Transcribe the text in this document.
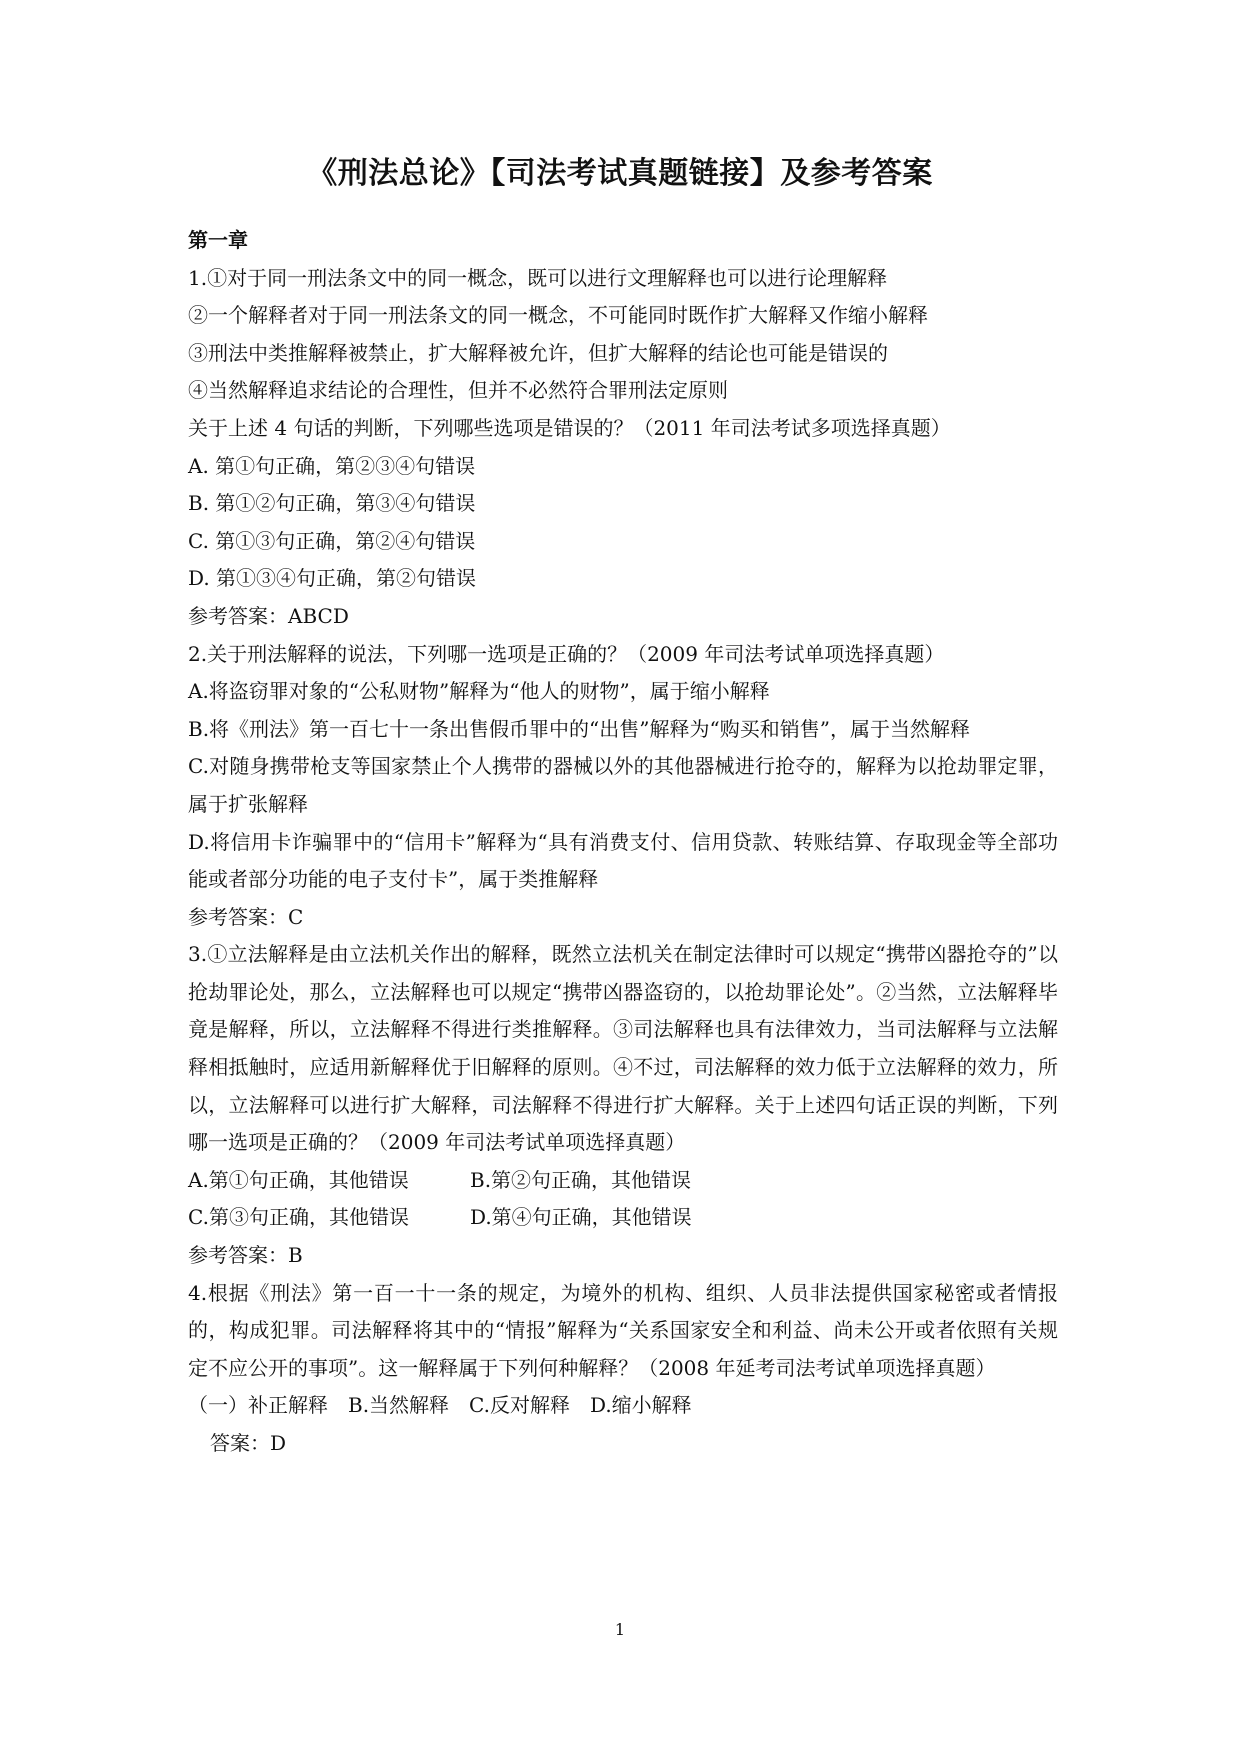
《刑法总论》【司法考试真题链接】及参考答案

第一章

1.①对于同一刑法条文中的同一概念，既可以进行文理解释也可以进行论理解释

②一个解释者对于同一刑法条文的同一概念，不可能同时既作扩大解释又作缩小解释

③刑法中类推解释被禁止，扩大解释被允许，但扩大解释的结论也可能是错误的

④当然解释追求结论的合理性，但并不必然符合罪刑法定原则

关于上述 4 句话的判断，下列哪些选项是错误的？（2011 年司法考试多项选择真题）

A. 第①句正确，第②③④句错误

B. 第①②句正确，第③④句错误

C. 第①③句正确，第②④句错误

D. 第①③④句正确，第②句错误

参考答案：ABCD

2.关于刑法解释的说法，下列哪一选项是正确的？（2009 年司法考试单项选择真题）

A.将盗窃罪对象的“公私财物”解释为“他人的财物”，属于缩小解释

B.将《刑法》第一百七十一条出售假币罪中的“出售”解释为“购买和销售”，属于当然解释

C.对随身携带枪支等国家禁止个人携带的器械以外的其他器械进行抢夺的，解释为以抢劫罪定罪，属于扩张解释

D.将信用卡诈骗罪中的“信用卡”解释为“具有消费支付、信用贷款、转账结算、存取现金等全部功能或者部分功能的电子支付卡”，属于类推解释

参考答案：C

3.①立法解释是由立法机关作出的解释，既然立法机关在制定法律时可以规定“携带凶器抢夺的”以抢劫罪论处，那么，立法解释也可以规定“携带凶器盗窃的，以抢劫罪论处”。②当然，立法解释毕竟是解释，所以，立法解释不得进行类推解释。③司法解释也具有法律效力，当司法解释与立法解释相抵触时，应适用新解释优于旧解释的原则。④不过，司法解释的效力低于立法解释的效力，所以，立法解释可以进行扩大解释，司法解释不得进行扩大解释。关于上述四句话正误的判断，下列哪一选项是正确的？（2009 年司法考试单项选择真题）

A.第①句正确，其他错误	B.第②句正确，其他错误

C.第③句正确，其他错误	D.第④句正确，其他错误

参考答案：B

4.根据《刑法》第一百一十一条的规定，为境外的机构、组织、人员非法提供国家秘密或者情报的，构成犯罪。司法解释将其中的“情报”解释为“关系国家安全和利益、尚未公开或者依照有关规定不应公开的事项”。这一解释属于下列何种解释？（2008 年延考司法考试单项选择真题）

（一）补正解释　B.当然解释　C.反对解释　D.缩小解释

答案：D

1
